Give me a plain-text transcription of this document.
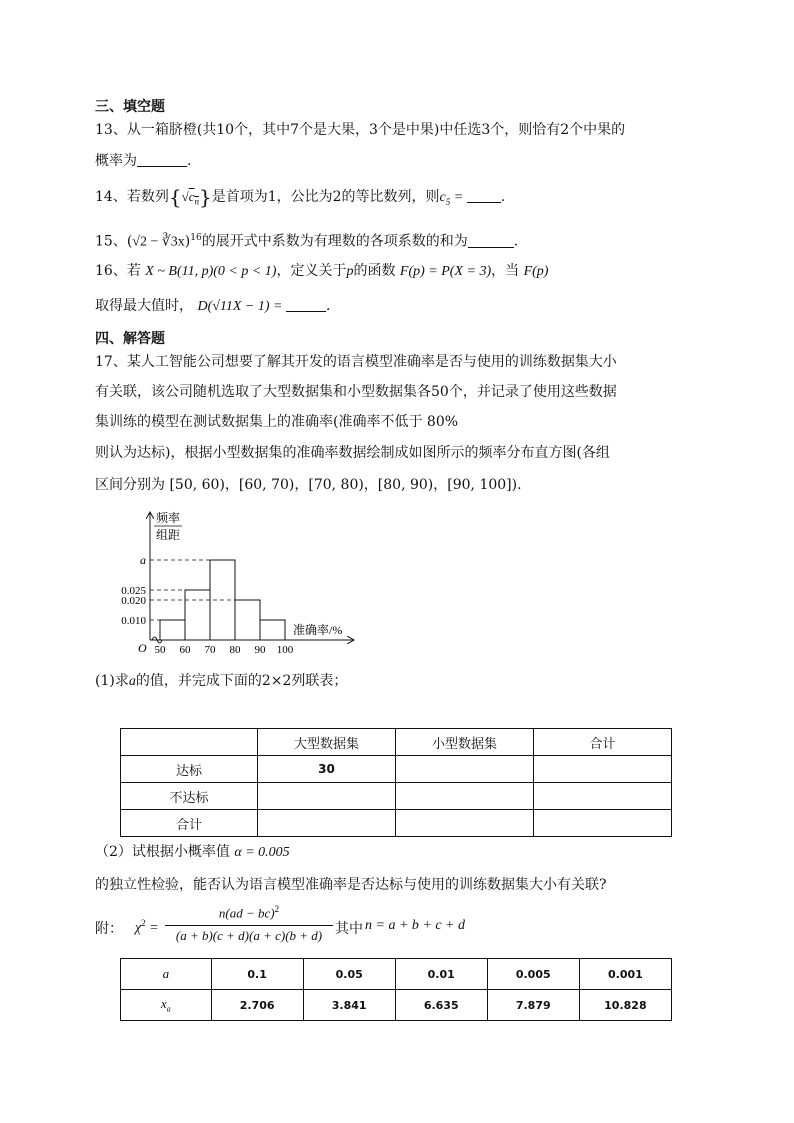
三、填空题
13、从一箱脐橙(共10个，其中7个是大果，3个是中果)中任选3个，则恰有2个中果的
概率为	.
14、若数列$\{√c_n\}$是首项为1，公比为2的等比数列，则$c_5$ = .
15、(√2 − ∛3x)$^{16}$的展开式中系数为有理数的各项系数的和为	.
16、若 X ~ B(11, p)(0 < p < 1)，定义关于p的函数 F(p) = P(X = 3)，当 F(p)
取得最大值时， D(√11X − 1) =	.
四、解答题
17、某人工智能公司想要了解其开发的语言模型准确率是否与使用的训练数据集大小
有关联，该公司随机选取了大型数据集和小型数据集各50个，并记录了使用这些数据
集训练的模型在测试数据集上的准确率(准确率不低于 80%
则认为达标)，根据小型数据集的准确率数据绘制成如图所示的频率分布直方图(各组
区间分别为 [50, 60)，[60, 70)，[70, 80)，[80, 90)，[90, 100]).
a
0.025
0.020
0.010
50 60 70 80 90 100
O
频率
组距
准确率/%
(1)求a的值，并完成下面的2×2列联表；
	大型数据集	小型数据集	合计
达标	30		
不达标			
合计			
（2）试根据小概率值 α = 0.005
的独立性检验，能否认为语言模型准确率是否达标与使用的训练数据集大小有关联?
附： $\chi^2$ =
n(ad − bc)$^2$
(a + b)(c + d)(a + c)(b + d) 其中 n = a + b + c + d
a	0.1	0.05	0.01	0.005	0.001
$x_a$	2.706	3.841	6.635	7.879	10.828
